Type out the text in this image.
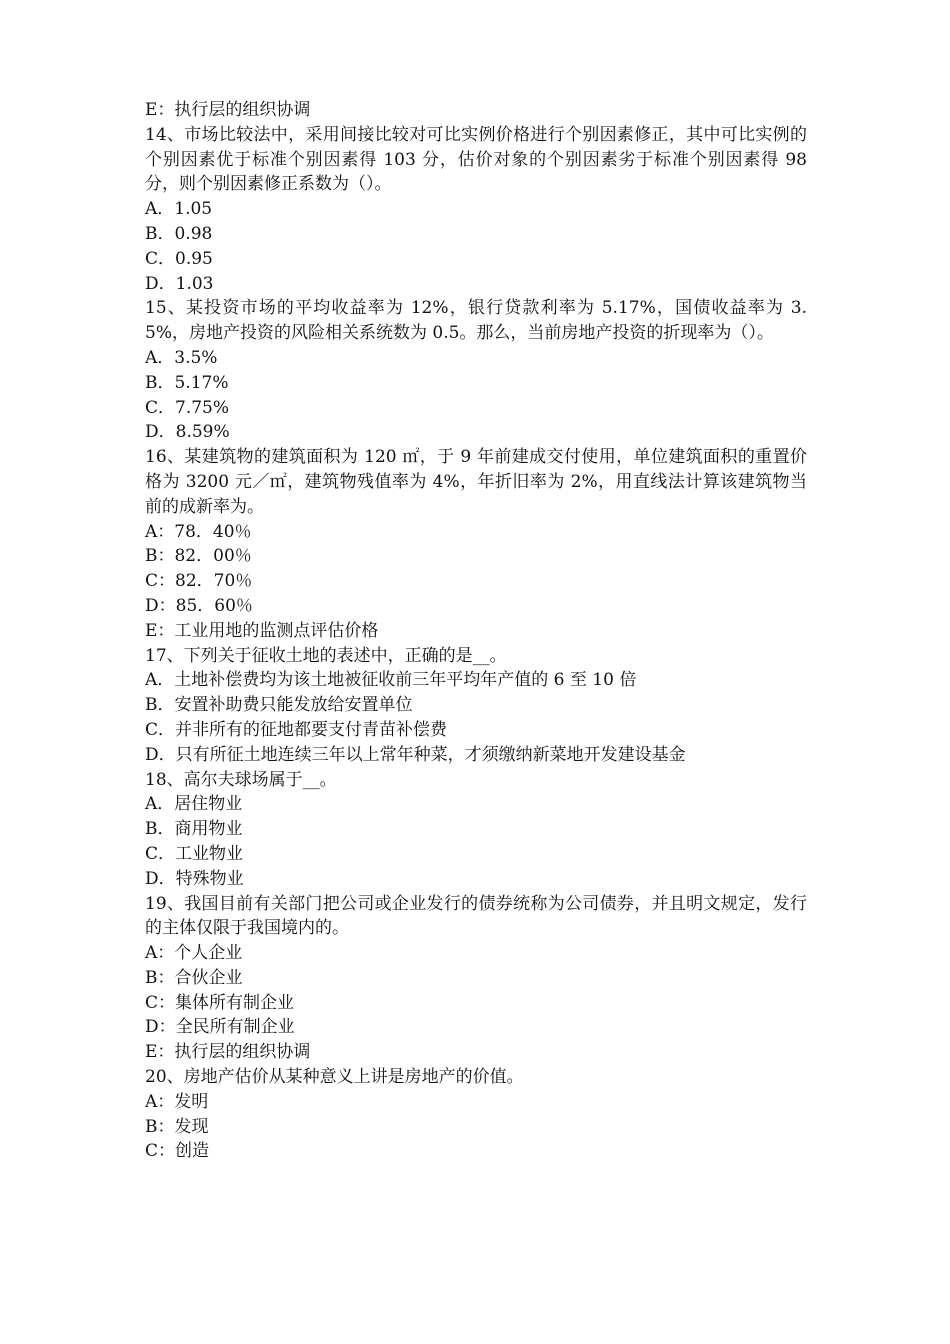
E：执行层的组织协调
14、市场比较法中，采用间接比较对可比实例价格进行个别因素修正，其中可比实例的个别因素优于标准个别因素得 103 分，估价对象的个别因素劣于标准个别因素得 98 分，则个别因素修正系数为（）。
A．1.05
B．0.98
C．0.95
D．1.03
15、某投资市场的平均收益率为 12%，银行贷款利率为 5.17%，国债收益率为 3.5%，房地产投资的风险相关系统数为 0.5。那么，当前房地产投资的折现率为（）。
A．3.5%
B．5.17%
C．7.75%
D．8.59%
16、某建筑物的建筑面积为 120 ㎡，于 9 年前建成交付使用，单位建筑面积的重置价格为 3200 元／㎡，建筑物残值率为 4%，年折旧率为 2%，用直线法计算该建筑物当前的成新率为。
A：78．40％
B：82．00％
C：82．70％
D：85．60％
E：工业用地的监测点评估价格
17、下列关于征收土地的表述中，正确的是__。
A．土地补偿费均为该土地被征收前三年平均年产值的 6 至 10 倍
B．安置补助费只能发放给安置单位
C．并非所有的征地都要支付青苗补偿费
D．只有所征土地连续三年以上常年种菜，才须缴纳新菜地开发建设基金
18、高尔夫球场属于__。
A．居住物业
B．商用物业
C．工业物业
D．特殊物业
19、我国目前有关部门把公司或企业发行的债券统称为公司债券，并且明文规定，发行的主体仅限于我国境内的。
A：个人企业
B：合伙企业
C：集体所有制企业
D：全民所有制企业
E：执行层的组织协调
20、房地产估价从某种意义上讲是房地产的价值。
A：发明
B：发现
C：创造
